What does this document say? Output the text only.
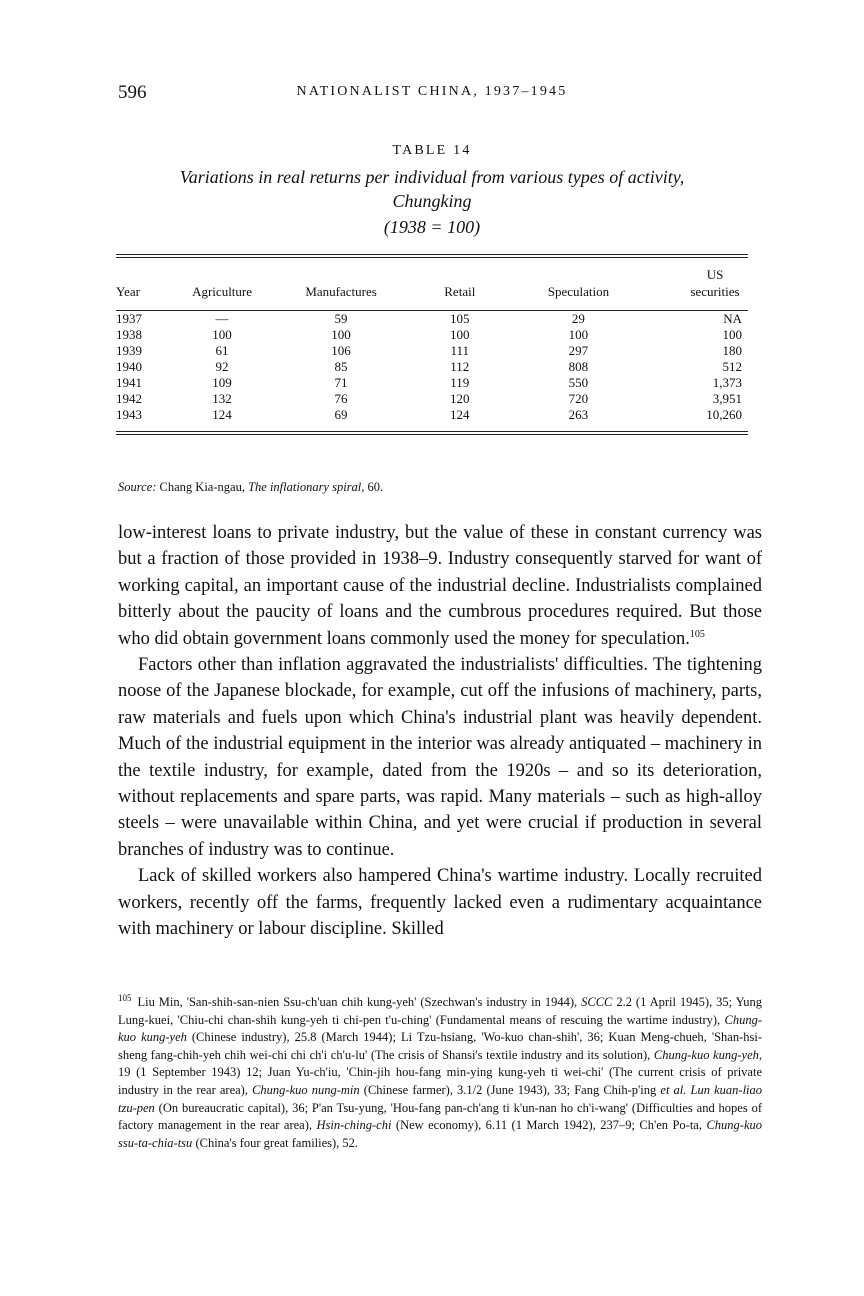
596	NATIONALIST CHINA, 1937–1945
TABLE 14
Variations in real returns per individual from various types of activity,
Chungking
(1938 = 100)
Year	Agriculture	Manufactures	Retail	Speculation	US securities

1937	—	59	105	29	NA
1938	100	100	100	100	100
1939	61	106	111	297	180
1940	92	85	112	808	512
1941	109	71	119	550	1,373
1942	132	76	120	720	3,951
1943	124	69	124	263	10,260
Source: Chang Kia-ngau, The inflationary spiral, 60.

low-interest loans to private industry, but the value of these in constant currency was but a fraction of those provided in 1938–9. Industry consequently starved for want of working capital, an important cause of the industrial decline. Industrialists complained bitterly about the paucity of loans and the cumbrous procedures required. But those who did obtain government loans commonly used the money for speculation.$^{105}$

Factors other than inflation aggravated the industrialists' difficulties. The tightening noose of the Japanese blockade, for example, cut off the infusions of machinery, parts, raw materials and fuels upon which China's industrial plant was heavily dependent. Much of the industrial equipment in the interior was already antiquated – machinery in the textile industry, for example, dated from the 1920s – and so its deterioration, without replacements and spare parts, was rapid. Many materials – such as high-alloy steels – were unavailable within China, and yet were crucial if production in several branches of industry was to continue.

Lack of skilled workers also hampered China's wartime industry. Locally recruited workers, recently off the farms, frequently lacked even a rudimentary acquaintance with machinery or labour discipline. Skilled

$^{105}$ Liu Min, 'San-shih-san-nien Ssu-ch'uan chih kung-yeh' (Szechwan's industry in 1944), SCCC 2.2 (1 April 1945), 35; Yung Lung-kuei, 'Chiu-chi chan-shih kung-yeh ti chi-pen t'u-ching' (Fundamental means of rescuing the wartime industry), Chung-kuo kung-yeh (Chinese industry), 25.8 (March 1944); Li Tzu-hsiang, 'Wo-kuo chan-shih', 36; Kuan Meng-chueh, 'Shan-hsi-sheng fang-chih-yeh chih wei-chi chi ch'i ch'u-lu' (The crisis of Shansi's textile industry and its solution), Chung-kuo kung-yeh, 19 (1 September 1943) 12; Juan Yu-ch'iu, 'Chin-jih hou-fang min-ying kung-yeh ti wei-chi' (The current crisis of private industry in the rear area), Chung-kuo nung-min (Chinese farmer), 3.1/2 (June 1943), 33; Fang Chih-p'ing et al. Lun kuan-liao tzu-pen (On bureaucratic capital), 36; P'an Tsu-yung, 'Hou-fang pan-ch'ang ti k'un-nan ho ch'i-wang' (Difficulties and hopes of factory management in the rear area), Hsin-ching-chi (New economy), 6.11 (1 March 1942), 237–9; Ch'en Po-ta, Chung-kuo ssu-ta-chia-tsu (China's four great families), 52.
